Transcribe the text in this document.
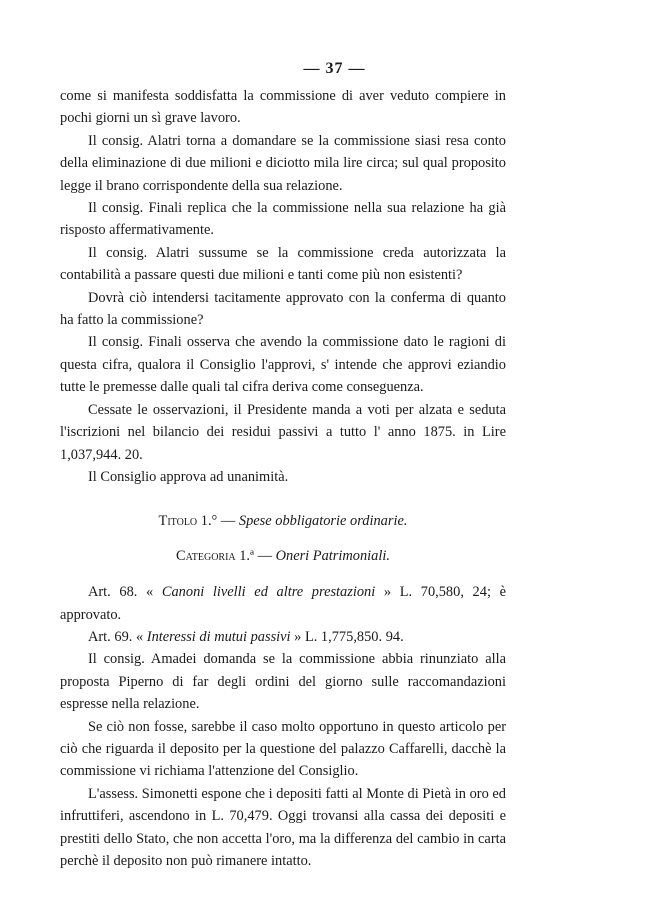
— 37 —

come si manifesta soddisfatta la commissione di aver veduto compiere in pochi giorni un sì grave lavoro.

Il consig. Alatri torna a domandare se la commissione siasi resa conto della eliminazione di due milioni e diciotto mila lire circa; sul qual proposito legge il brano corrispondente della sua relazione.

Il consig. Finali replica che la commissione nella sua relazione ha già risposto affermativamente.

Il consig. Alatri sussume se la commissione creda autorizzata la contabilità a passare questi due milioni e tanti come più non esistenti?

Dovrà ciò intendersi tacitamente approvato con la conferma di quanto ha fatto la commissione?

Il consig. Finali osserva che avendo la commissione dato le ragioni di questa cifra, qualora il Consiglio l'approvi, s' intende che approvi eziandio tutte le premesse dalle quali tal cifra deriva come conseguenza.

Cessate le osservazioni, il Presidente manda a voti per alzata e seduta l'iscrizioni nel bilancio dei residui passivi a tutto l' anno 1875. in Lire 1,037,944. 20.

Il Consiglio approva ad unanimità.

Titolo 1.° — Spese obbligatorie ordinarie.

Categoria 1.ª — Oneri Patrimoniali.

Art. 68. « Canoni livelli ed altre prestazioni » L. 70,580, 24; è approvato.

Art. 69. « Interessi di mutui passivi » L. 1,775,850. 94.

Il consig. Amadei domanda se la commissione abbia rinunziato alla proposta Piperno di far degli ordini del giorno sulle raccomandazioni espresse nella relazione.

Se ciò non fosse, sarebbe il caso molto opportuno in questo articolo per ciò che riguarda il deposito per la questione del palazzo Caffarelli, dacchè la commissione vi richiama l'attenzione del Consiglio.

L'assess. Simonetti espone che i depositi fatti al Monte di Pietà in oro ed infruttiferi, ascendono in L. 70,479. Oggi trovansi alla cassa dei depositi e prestiti dello Stato, che non accetta l'oro, ma la differenza del cambio in carta perchè il deposito non può rimanere intatto.
